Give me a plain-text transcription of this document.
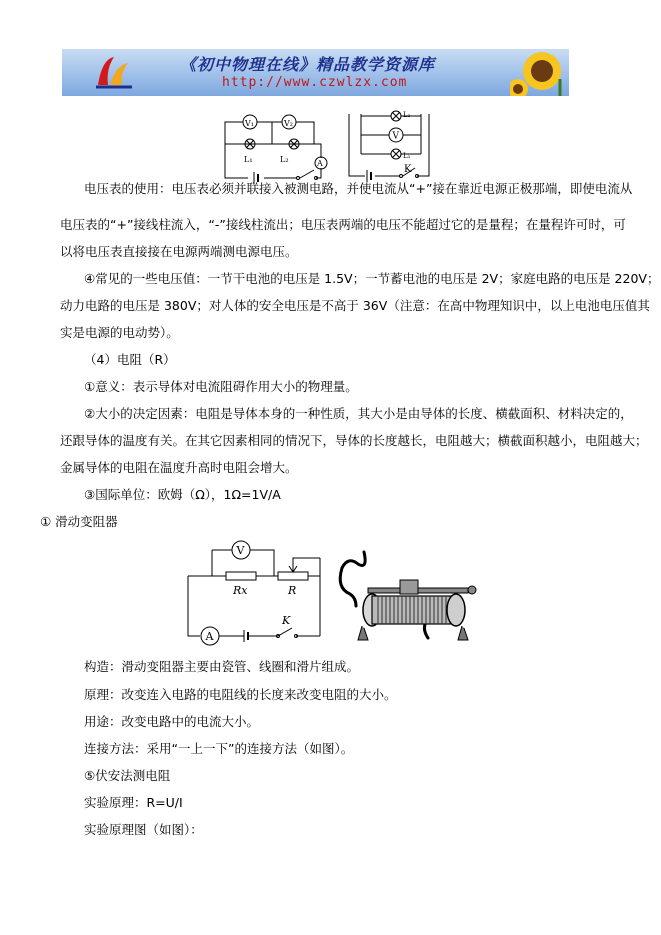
《初中物理在线》精品教学资源库
http://www.czwlzx.com
V₁	V₂
L₁	L₂	A
L₂
V
L₁
K
电压表的使用：电压表必须并联接入被测电路，并使电流从“+”接在靠近电源正极那端，即使电流从
电压表的“+”接线柱流入，“-”接线柱流出；电压表两端的电压不能超过它的是量程；在量程许可时，可
以将电压表直接接在电源两端测电源电压。
④常见的一些电压值：一节干电池的电压是 1.5V；一节蓄电池的电压是 2V；家庭电路的电压是 220V；
动力电路的电压是 380V；对人体的安全电压是不高于 36V（注意：在高中物理知识中，以上电池电压值其
实是电源的电动势）。
（4）电阻（R）
①意义：表示导体对电流阻碍作用大小的物理量。
②大小的决定因素：电阻是导体本身的一种性质，其大小是由导体的长度、横截面积、材料决定的，
还跟导体的温度有关。在其它因素相同的情况下，导体的长度越长，电阻越大；横截面积越小，电阻越大；
金属导体的电阻在温度升高时电阻会增大。
③国际单位：欧姆（Ω），1Ω=1V/A
① 滑动变阻器
V
Rx	R
A
K
构造：滑动变阻器主要由瓷管、线圈和滑片组成。
原理：改变连入电路的电阻线的长度来改变电阻的大小。
用途：改变电路中的电流大小。
连接方法：采用“一上一下”的连接方法（如图）。
⑤伏安法测电阻
实验原理：R=U/I
实验原理图（如图）：
